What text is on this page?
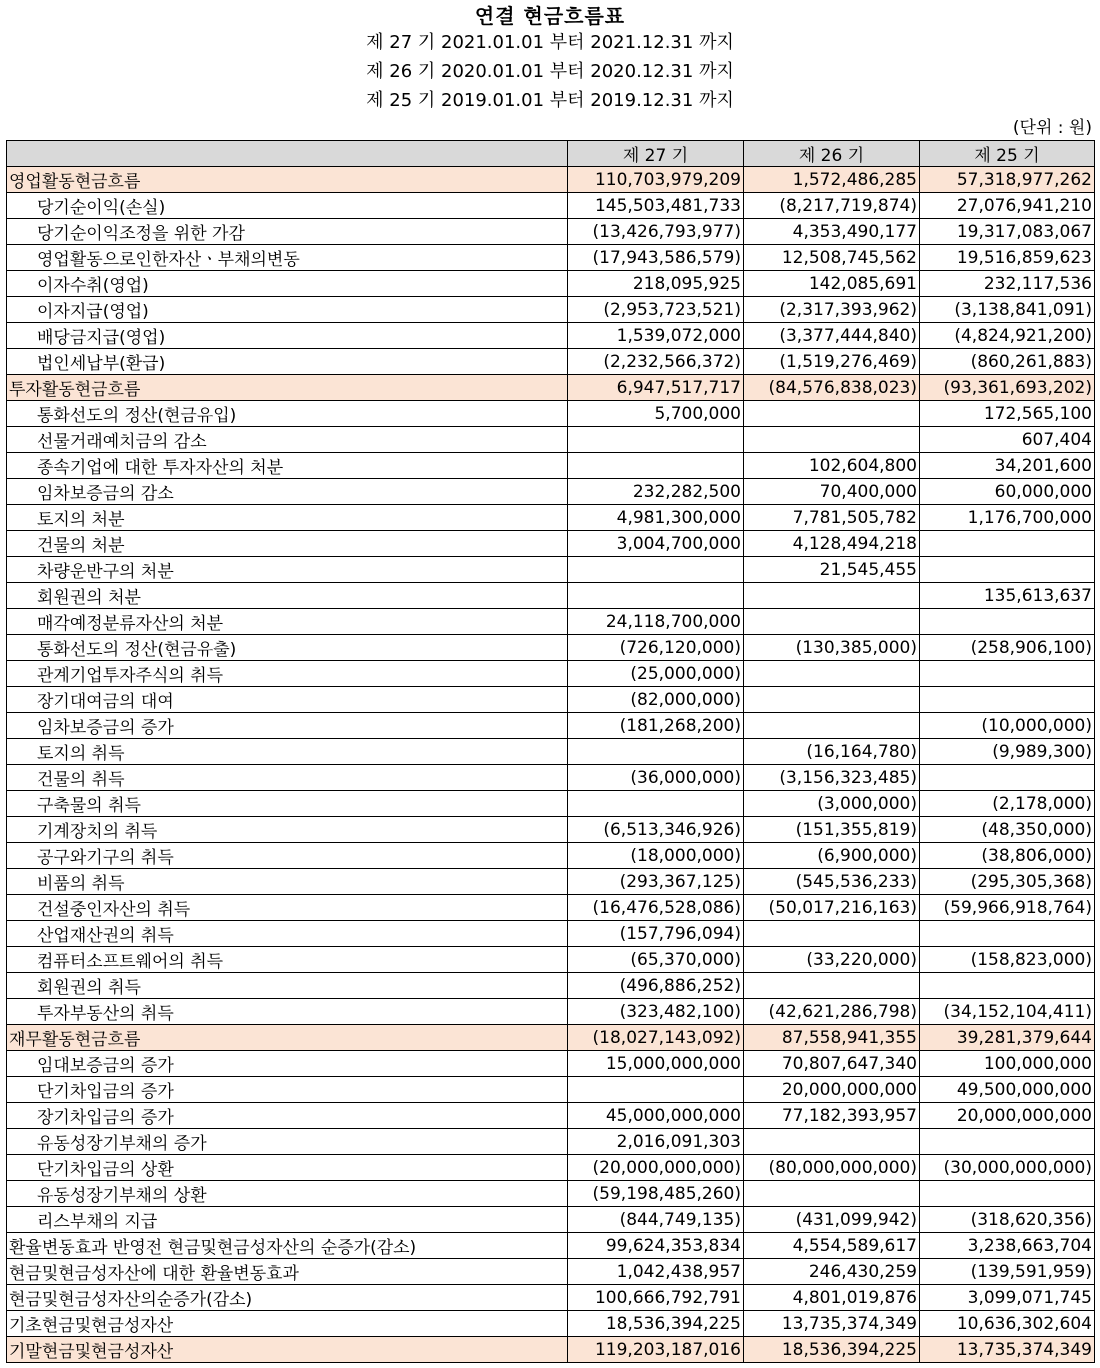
연결 현금흐름표
제 27 기 2021.01.01 부터 2021.12.31 까지
제 26 기 2020.01.01 부터 2020.12.31 까지
제 25 기 2019.01.01 부터 2019.12.31 까지
(단위 : 원)
	제 27 기	제 26 기	제 25 기
영업활동현금흐름	110,703,979,209	1,572,486,285	57,318,977,262
당기순이익(손실)	145,503,481,733	(8,217,719,874)	27,076,941,210
당기순이익조정을 위한 가감	(13,426,793,977)	4,353,490,177	19,317,083,067
영업활동으로인한자산ㆍ부채의변동	(17,943,586,579)	12,508,745,562	19,516,859,623
이자수취(영업)	218,095,925	142,085,691	232,117,536
이자지급(영업)	(2,953,723,521)	(2,317,393,962)	(3,138,841,091)
배당금지급(영업)	1,539,072,000	(3,377,444,840)	(4,824,921,200)
법인세납부(환급)	(2,232,566,372)	(1,519,276,469)	(860,261,883)
투자활동현금흐름	6,947,517,717	(84,576,838,023)	(93,361,693,202)
통화선도의 정산(현금유입)	5,700,000		172,565,100
선물거래예치금의 감소			607,404
종속기업에 대한 투자자산의 처분		102,604,800	34,201,600
임차보증금의 감소	232,282,500	70,400,000	60,000,000
토지의 처분	4,981,300,000	7,781,505,782	1,176,700,000
건물의 처분	3,004,700,000	4,128,494,218	
차량운반구의 처분		21,545,455	
회원권의 처분			135,613,637
매각예정분류자산의 처분	24,118,700,000		
통화선도의 정산(현금유출)	(726,120,000)	(130,385,000)	(258,906,100)
관계기업투자주식의 취득	(25,000,000)		
장기대여금의 대여	(82,000,000)		
임차보증금의 증가	(181,268,200)		(10,000,000)
토지의 취득		(16,164,780)	(9,989,300)
건물의 취득	(36,000,000)	(3,156,323,485)	
구축물의 취득		(3,000,000)	(2,178,000)
기계장치의 취득	(6,513,346,926)	(151,355,819)	(48,350,000)
공구와기구의 취득	(18,000,000)	(6,900,000)	(38,806,000)
비품의 취득	(293,367,125)	(545,536,233)	(295,305,368)
건설중인자산의 취득	(16,476,528,086)	(50,017,216,163)	(59,966,918,764)
산업재산권의 취득	(157,796,094)		
컴퓨터소프트웨어의 취득	(65,370,000)	(33,220,000)	(158,823,000)
회원권의 취득	(496,886,252)		
투자부동산의 취득	(323,482,100)	(42,621,286,798)	(34,152,104,411)
재무활동현금흐름	(18,027,143,092)	87,558,941,355	39,281,379,644
임대보증금의 증가	15,000,000,000	70,807,647,340	100,000,000
단기차입금의 증가		20,000,000,000	49,500,000,000
장기차입금의 증가	45,000,000,000	77,182,393,957	20,000,000,000
유동성장기부채의 증가	2,016,091,303		
단기차입금의 상환	(20,000,000,000)	(80,000,000,000)	(30,000,000,000)
유동성장기부채의 상환	(59,198,485,260)		
리스부채의 지급	(844,749,135)	(431,099,942)	(318,620,356)
환율변동효과 반영전 현금및현금성자산의 순증가(감소)	99,624,353,834	4,554,589,617	3,238,663,704
현금및현금성자산에 대한 환율변동효과	1,042,438,957	246,430,259	(139,591,959)
현금및현금성자산의순증가(감소)	100,666,792,791	4,801,019,876	3,099,071,745
기초현금및현금성자산	18,536,394,225	13,735,374,349	10,636,302,604
기말현금및현금성자산	119,203,187,016	18,536,394,225	13,735,374,349
